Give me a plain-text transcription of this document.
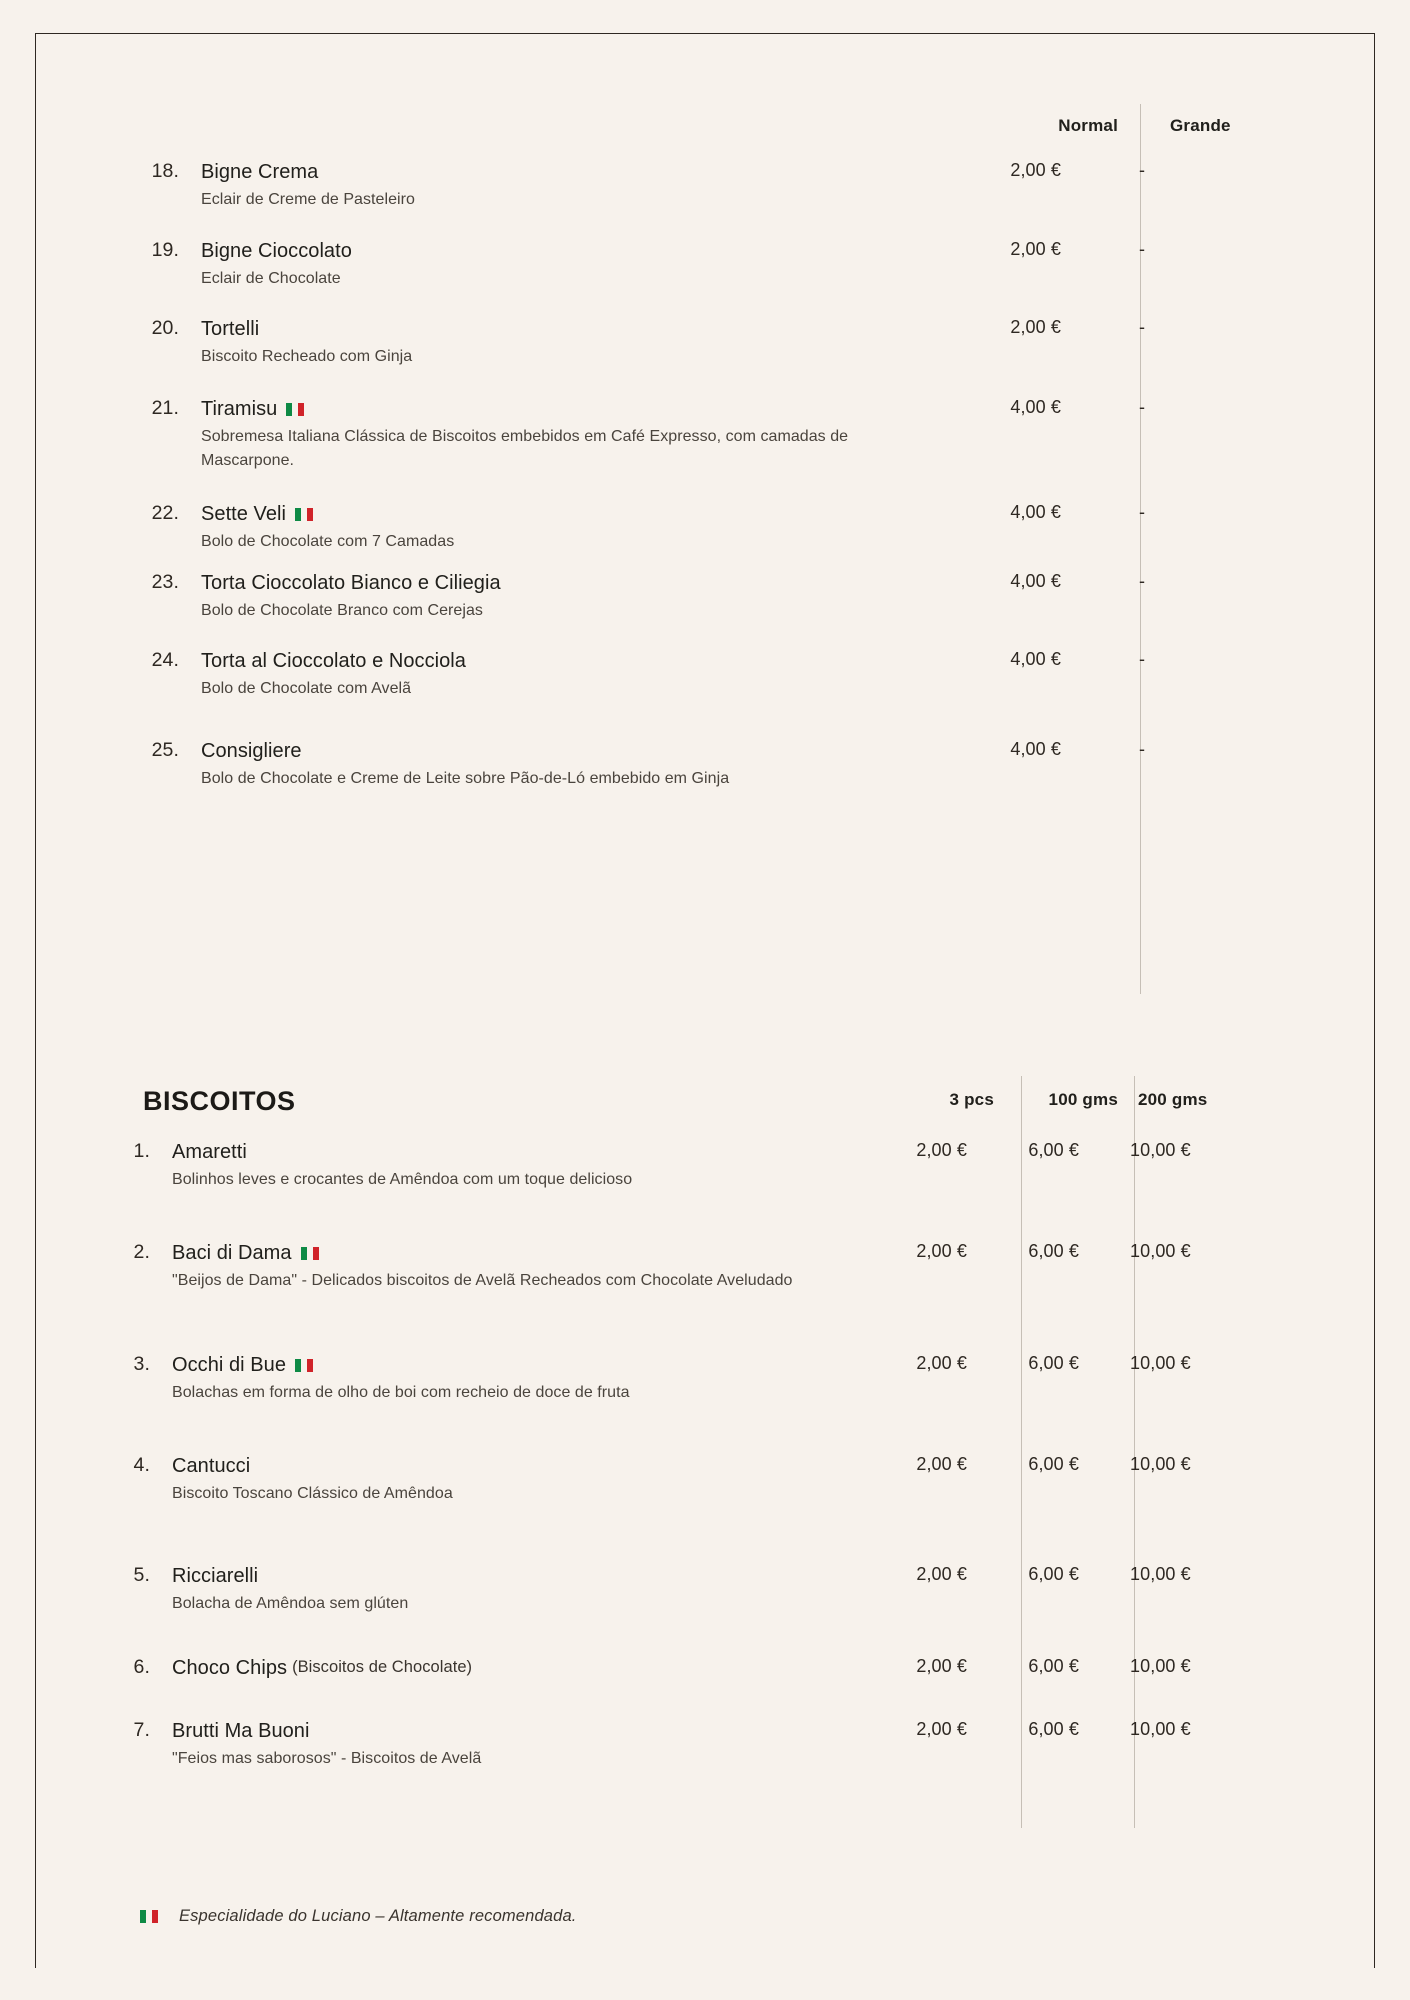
Normal	Grande
18. Bigne Crema
Eclair de Creme de Pasteleiro
2,00 €	-
19. Bigne Cioccolato
Eclair de Chocolate
2,00 €	-
20. Tortelli
Biscoito Recheado com Ginja
2,00 €	-
21. Tiramisu
Sobremesa Italiana Clássica de Biscoitos embebidos em Café Expresso, com camadas de Mascarpone.
4,00 €	-
22. Sette Veli
Bolo de Chocolate com 7 Camadas
4,00 €	-
23. Torta Cioccolato Bianco e Ciliegia
Bolo de Chocolate Branco com Cerejas
4,00 €	-
24. Torta al Cioccolato e Nocciola
Bolo de Chocolate com Avelã
4,00 €	-
25. Consigliere
Bolo de Chocolate e Creme de Leite sobre Pão-de-Ló embebido em Ginja
4,00 €	-
BISCOITOS	3 pcs	100 gms 200 gms
1. Amaretti
Bolinhos leves e crocantes de Amêndoa com um toque delicioso
2,00 €	6,00 €	10,00 €
2. Baci di Dama
"Beijos de Dama" - Delicados biscoitos de Avelã Recheados com Chocolate Aveludado
2,00 €	6,00 €	10,00 €
3. Occhi di Bue
Bolachas em forma de olho de boi com recheio de doce de fruta
2,00 €	6,00 €	10,00 €
4. Cantucci
Biscoito Toscano Clássico de Amêndoa
2,00 €	6,00 €	10,00 €
5. Ricciarelli
Bolacha de Amêndoa sem glúten
2,00 €	6,00 €	10,00 €
6. Choco Chips (Biscoitos de Chocolate)	2,00 €	6,00 €	10,00 €
7. Brutti Ma Buoni
"Feios mas saborosos" - Biscoitos de Avelã
2,00 €	6,00 €	10,00 €
Especialidade do Luciano – Altamente recomendada.
